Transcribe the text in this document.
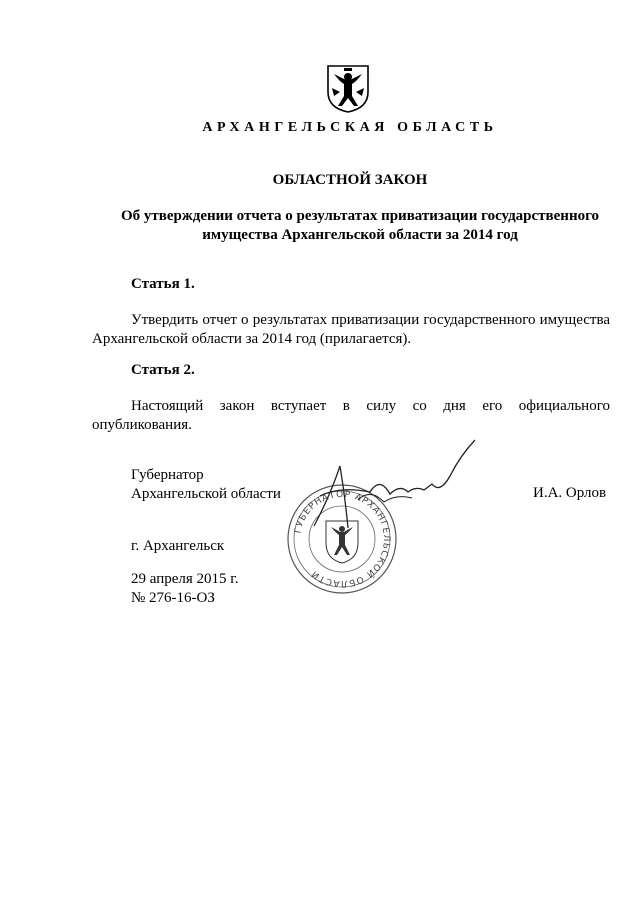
АРХАНГЕЛЬСКАЯ ОБЛАСТЬ
ОБЛАСТНОЙ ЗАКОН
Об утверждении отчета о результатах приватизации государственного
имущества Архангельской области за 2014 год
Статья 1.
Утвердить отчет о результатах приватизации государственного имущества Архангельской области за 2014 год (прилагается).
Статья 2.
Настоящий закон вступает в силу со дня его официального опубликования.
ГУБЕРНАТОР АРХАНГЕЛЬСКОЙ ОБЛАСТИ
Губернатор
Архангельской области	И.А. Орлов
г. Архангельск
29 апреля 2015 г.
№ 276-16-ОЗ
